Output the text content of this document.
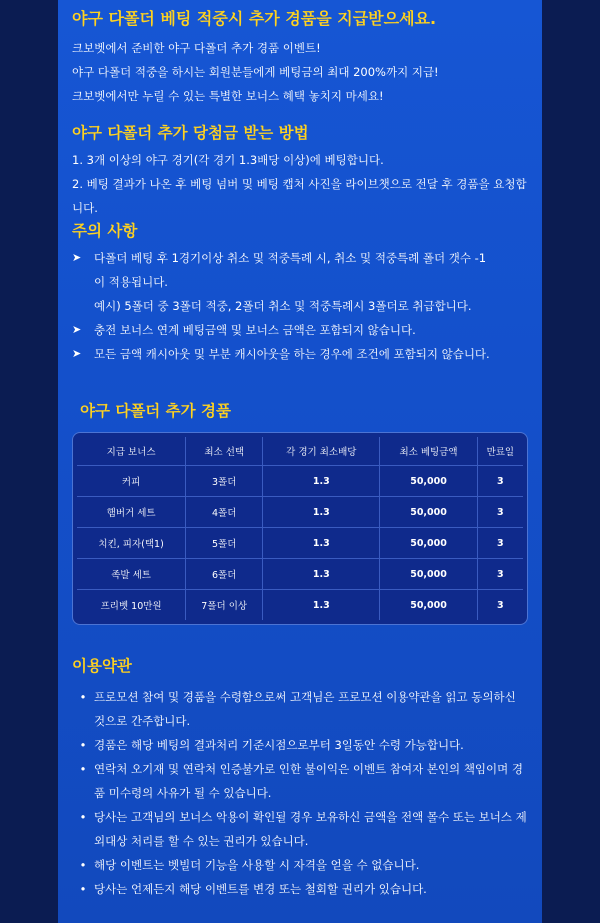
야구 다폴더 베팅 적중시 추가 경품을 지급받으세요.

크보벳에서 준비한 야구 다폴더 추가 경품 이벤트!

야구 다폴더 적중을 하시는 회원분들에게 베팅금의 최대 200%까지 지급!

크보벳에서만 누릴 수 있는 특별한 보너스 혜택 놓치지 마세요!

야구 다폴더 추가 당첨금 받는 방법

1. 3개 이상의 야구 경기(각 경기 1.3배당 이상)에 베팅합니다.

2. 베팅 결과가 나온 후 베팅 넘버 및 베팅 캡처 사진을 라이브챗으로 전달 후 경품을 요청합니다.

주의 사항
➤	다폴더 베팅 후 1경기이상 취소 및 적중특례 시, 취소 및 적중특례 폴더 갯수 -1
이 적용됩니다.
예시) 5폴더 중 3폴더 적중, 2폴더 취소 및 적중특례시 3폴더로 취급합니다.
➤	충전 보너스 연계 베팅금액 및 보너스 금액은 포함되지 않습니다.
➤	모든 금액 캐시아웃 및 부분 캐시아웃을 하는 경우에 조건에 포함되지 않습니다.
야구 다폴더 추가 경품
지급 보너스	최소 선택	각 경기 최소배당	최소 베팅금액	만료일
커피	3폴더	1.3	50,000	3
햄버거 세트	4폴더	1.3	50,000	3
치킨, 피자(택1)	5폴더	1.3	50,000	3
족발 세트	6폴더	1.3	50,000	3
프리벳 10만원	7폴더 이상	1.3	50,000	3
이용약관
• 프로모션 참여 및 경품을 수령함으로써 고객님은 프로모션 이용약관을 읽고 동의하신 것으로 간주합니다.
• 경품은 해당 베팅의 결과처리 기준시점으로부터 3일동안 수령 가능합니다.
• 연락처 오기재 및 연락처 인증불가로 인한 불이익은 이벤트 참여자 본인의 책임이며 경품 미수령의 사유가 될 수 있습니다.
• 당사는 고객님의 보너스 악용이 확인될 경우 보유하신 금액을 전액 몰수 또는 보너스 제외대상 처리를 할 수 있는 권리가 있습니다.
• 해당 이벤트는 벳빌더 기능을 사용할 시 자격을 얻을 수 없습니다.
• 당사는 언제든지 해당 이벤트를 변경 또는 철회할 권리가 있습니다.
